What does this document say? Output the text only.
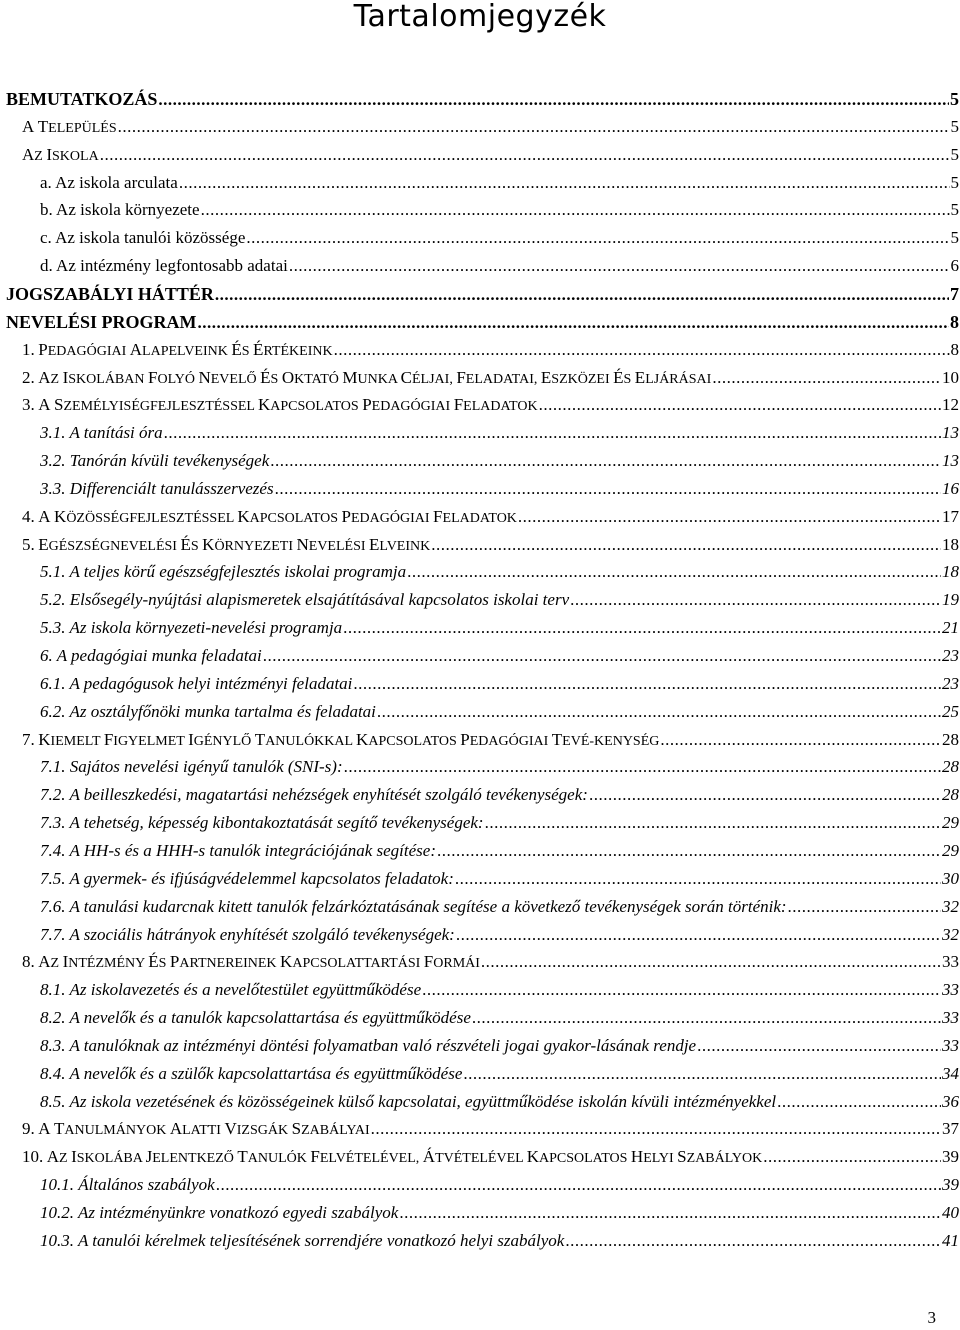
Tartalomjegyzék
BEMUTATKOZÁS .....	5
A TELEPÜLÉS .....	5
AZ ISKOLA .....	5
a. Az iskola arculata .....	5
b. Az iskola környezete .....	5
c. Az iskola tanulói közössége .....	5
d. Az intézmény legfontosabb adatai .....	6
JOGSZABÁLYI HÁTTÉR .....	7
NEVELÉSI PROGRAM .....	8
1. PEDAGÓGIAI ALAPELVEINK ÉS ÉRTÉKEINK .....	8
2. AZ ISKOLÁBAN FOLYÓ NEVELŐ ÉS OKTATÓ MUNKA CÉLJAI, FELADATAI, ESZKÖZEI ÉS ELJÁRÁSAI .....	10
3. A SZEMÉLYISÉGFEJLESZTÉSSEL KAPCSOLATOS PEDAGÓGIAI FELADATOK .....	12
3.1. A tanítási óra .....	13
3.2. Tanórán kívüli tevékenységek .....	13
3.3. Differenciált tanulásszervezés .....	16
4. A KÖZÖSSÉGFEJLESZTÉSSEL KAPCSOLATOS PEDAGÓGIAI FELADATOK .....	17
5. EGÉSZSÉGNEVELÉSI ÉS KÖRNYEZETI NEVELÉSI ELVEINK .....	18
5.1. A teljes körű egészségfejlesztés iskolai programja .....	18
5.2. Elsősegély-nyújtási alapismeretek elsajátításával kapcsolatos iskolai terv .....	19
5.3. Az iskola környezeti-nevelési programja .....	21
6. A pedagógiai munka feladatai .....	23
6.1. A pedagógusok helyi intézményi feladatai .....	23
6.2. Az osztályfőnöki munka tartalma és feladatai .....	25
7. KIEMELT FIGYELMET IGÉNYLŐ TANULÓKKAL KAPCSOLATOS PEDAGÓGIAI TEVÉ-KENYSÉG .....	28
7.1. Sajátos nevelési igényű tanulók (SNI-s): .....	28
7.2. A beilleszkedési, magatartási nehézségek enyhítését szolgáló tevékenységek: .....	28
7.3. A tehetség, képesség kibontakoztatását segítő tevékenységek: .....	29
7.4. A HH-s és a HHH-s tanulók integrációjának segítése: .....	29
7.5. A gyermek- és ifjúságvédelemmel kapcsolatos feladatok: .....	30
7.6. A tanulási kudarcnak kitett tanulók felzárkóztatásának segítése a következő tevékenységek során történik: .....	32
7.7. A szociális hátrányok enyhítését szolgáló tevékenységek: .....	32
8. AZ INTÉZMÉNY ÉS PARTNEREINEK KAPCSOLATTARTÁSI FORMÁI .....	33
8.1. Az iskolavezetés és a nevelőtestület együttműködése .....	33
8.2. A nevelők és a tanulók kapcsolattartása és együttműködése .....	33
8.3. A tanulóknak az intézményi döntési folyamatban való részvételi jogai gyakor-lásának rendje .....	33
8.4. A nevelők és a szülők kapcsolattartása és együttműködése .....	34
8.5. Az iskola vezetésének és közösségeinek külső kapcsolatai, együttműködése iskolán kívüli intézményekkel .....	36
9. A TANULMÁNYOK ALATTI VIZSGÁK SZABÁLYAI .....	37
10. AZ ISKOLÁBA JELENTKEZŐ TANULÓK FELVÉTELÉVEL, ÁTVÉTELÉVEL KAPCSOLATOS HELYI SZABÁLYOK .....	39
10.1. Általános szabályok .....	39
10.2. Az intézményünkre vonatkozó egyedi szabályok .....	40
10.3. A tanulói kérelmek teljesítésének sorrendjére vonatkozó helyi szabályok .....	41
3
